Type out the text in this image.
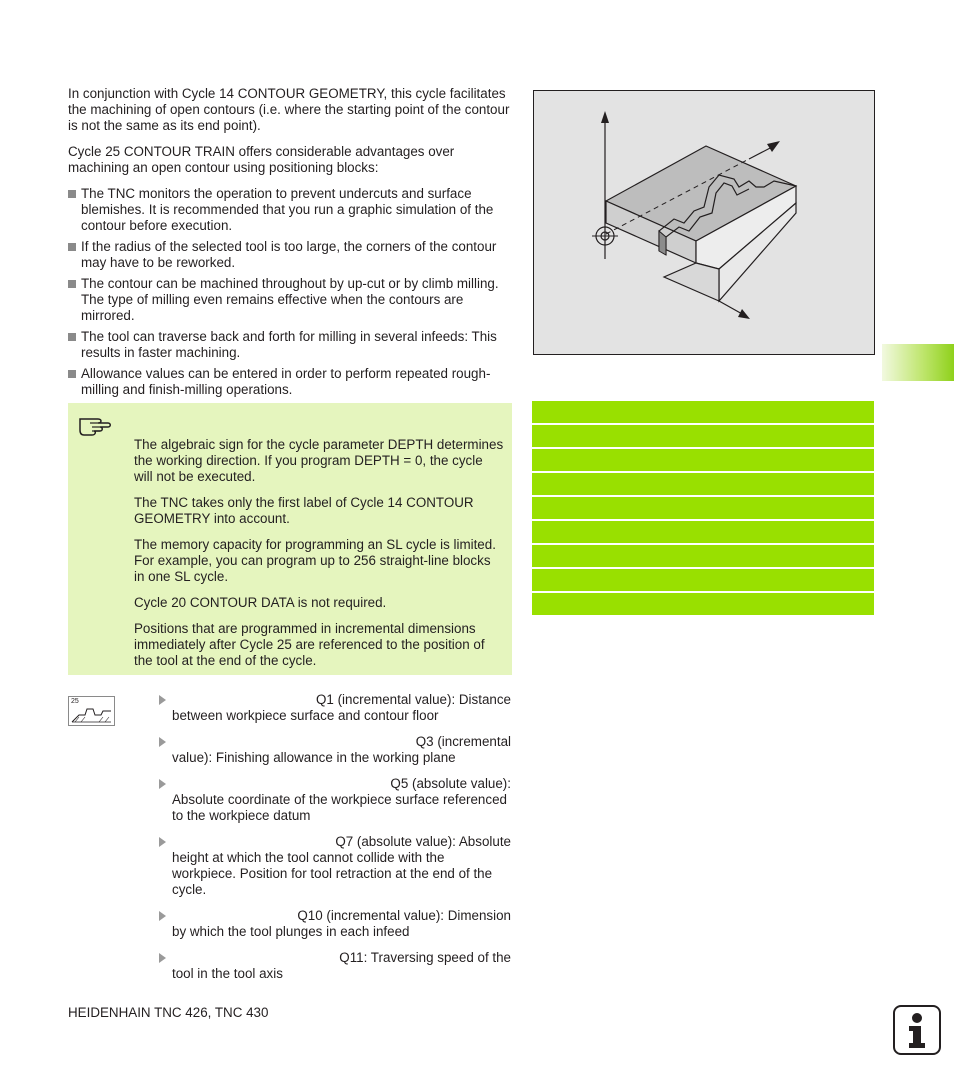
In conjunction with Cycle 14 CONTOUR GEOMETRY, this cycle facilitates the machining of open contours (i.e. where the starting point of the contour is not the same as its end point).

Cycle 25 CONTOUR TRAIN offers considerable advantages over machining an open contour using positioning blocks:

The TNC monitors the operation to prevent undercuts and surface blemishes. It is recommended that you run a graphic simulation of the contour before execution.
If the radius of the selected tool is too large, the corners of the contour may have to be reworked.
The contour can be machined throughout by up-cut or by climb milling. The type of milling even remains effective when the contours are mirrored.
The tool can traverse back and forth for milling in several infeeds: This results in faster machining.
Allowance values can be entered in order to perform repeated rough-milling and finish-milling operations.

The algebraic sign for the cycle parameter DEPTH determines the working direction. If you program DEPTH = 0, the cycle will not be executed.

The TNC takes only the first label of Cycle 14 CONTOUR GEOMETRY into account.

The memory capacity for programming an SL cycle is limited. For example, you can program up to 256 straight-line blocks in one SL cycle.

Cycle 20 CONTOUR DATA is not required.

Positions that are programmed in incremental dimensions immediately after Cycle 25 are referenced to the position of the tool at the end of the cycle.

25	Q1 (incremental value): Distance
between workpiece surface and contour floor
Q3 (incremental
value): Finishing allowance in the working plane
Q5 (absolute value):
Absolute coordinate of the workpiece surface referenced to the workpiece datum
Q7 (absolute value): Absolute
height at which the tool cannot collide with the workpiece. Position for tool retraction at the end of the cycle.
Q10 (incremental value): Dimension
by which the tool plunges in each infeed
Q11: Traversing speed of the
tool in the tool axis
HEIDENHAIN TNC 426, TNC 430
